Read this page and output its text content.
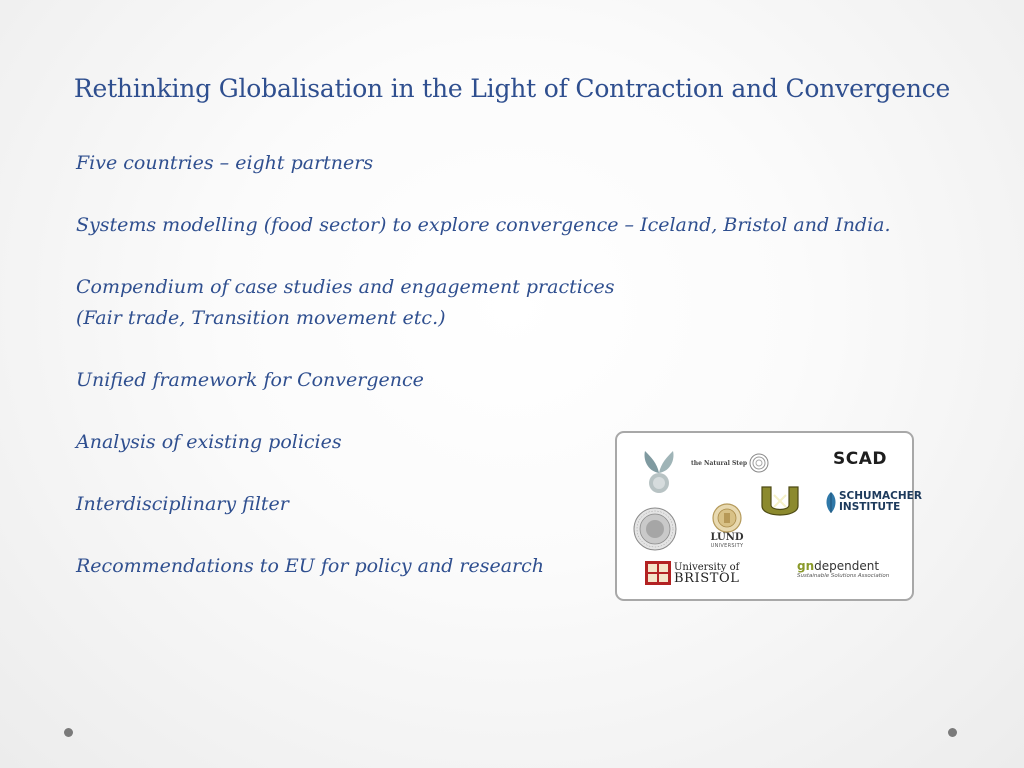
Rethinking Globalisation in the Light of Contraction and Convergence
Five countries – eight partners
Systems modelling (food sector) to explore convergence – Iceland, Bristol and India.
Compendium of case studies and engagement practices
(Fair trade, Transition movement etc.)
Unified framework for Convergence
Analysis of existing policies
Interdisciplinary filter
Recommendations to EU for policy and research
the Natural Step	SCAD
LUND
UNIVERSITY
SCHUMACHER
INSTITUTE
University of
BRISTOL
gndependent
Sustainable Solutions Association
